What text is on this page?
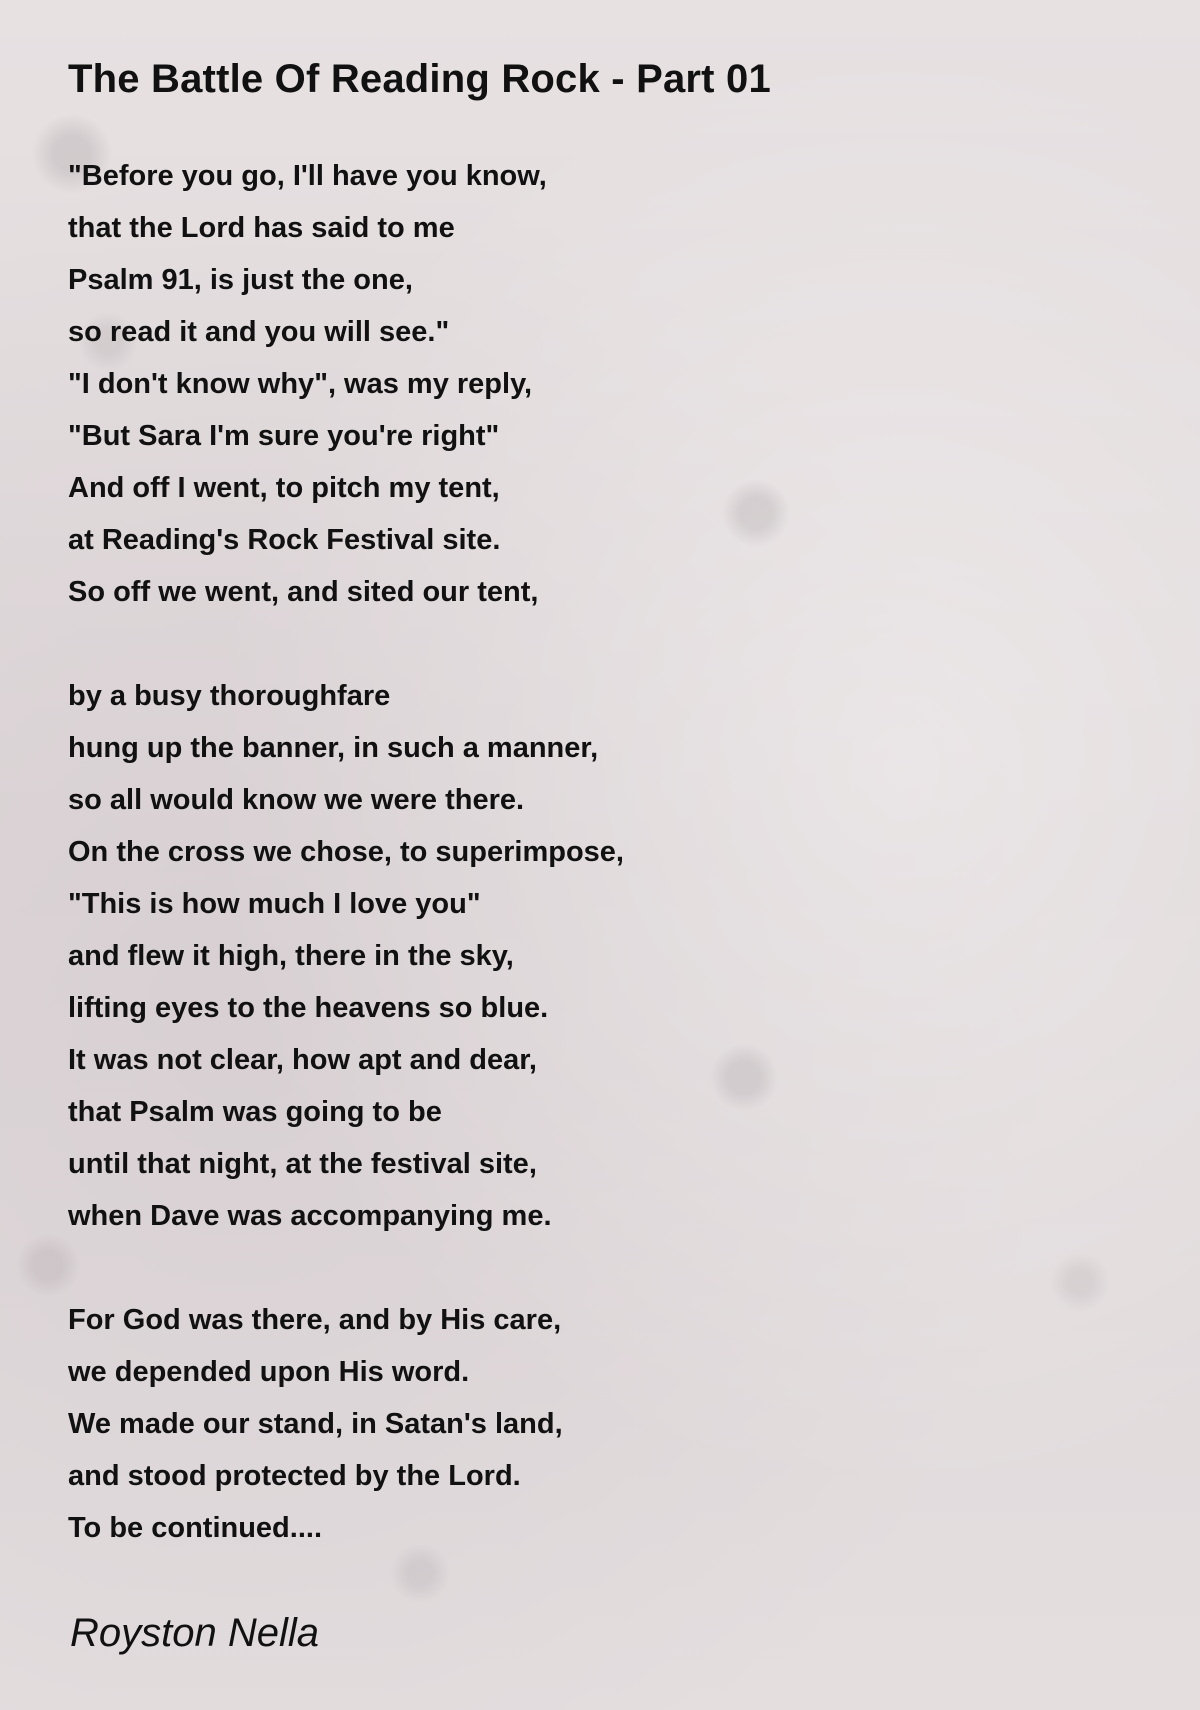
The Battle Of Reading Rock - Part 01
"Before you go, I'll have you know,
that the Lord has said to me
Psalm 91, is just the one,
so read it and you will see."
"I don't know why", was my reply,
"But Sara I'm sure you're right"
And off I went, to pitch my tent,
at Reading's Rock Festival site.
So off we went, and sited our tent,
by a busy thoroughfare
hung up the banner, in such a manner,
so all would know we were there.
On the cross we chose, to superimpose,
"This is how much I love you"
and flew it high, there in the sky,
lifting eyes to the heavens so blue.
It was not clear, how apt and dear,
that Psalm was going to be
until that night, at the festival site,
when Dave was accompanying me.
For God was there, and by His care,
we depended upon His word.
We made our stand, in Satan's land,
and stood protected by the Lord.
To be continued....

Royston Nella
